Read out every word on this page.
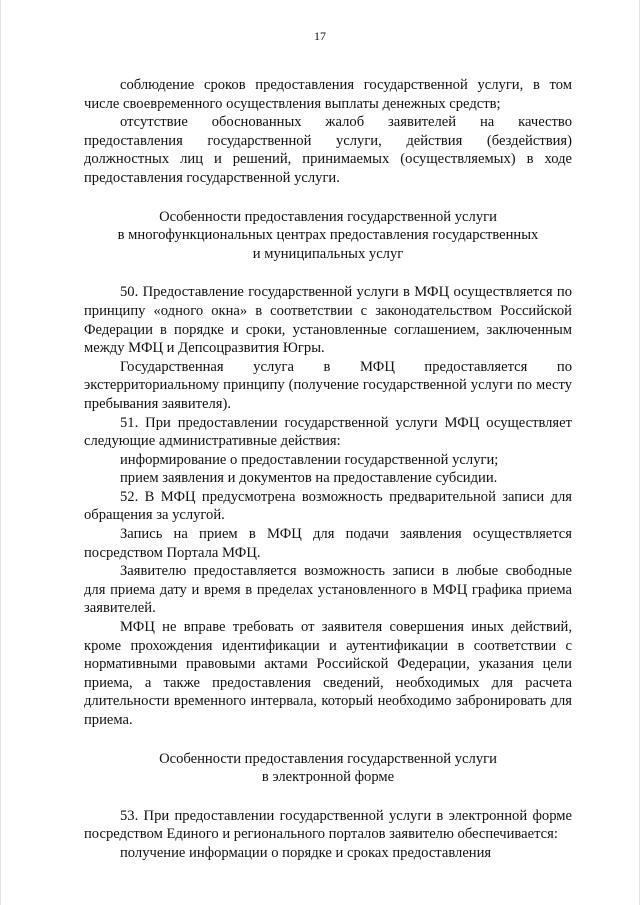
17

соблюдение сроков предоставления государственной услуги, в том числе своевременного осуществления выплаты денежных средств;

отсутствие обоснованных жалоб заявителей на качество предоставления государственной услуги, действия (бездействия) должностных лиц и решений, принимаемых (осуществляемых) в ходе предоставления государственной услуги.

Особенности предоставления государственной услуги
в многофункциональных центрах предоставления государственных
и муниципальных услуг

50. Предоставление государственной услуги в МФЦ осуществляется по принципу «одного окна» в соответствии с законодательством Российской Федерации в порядке и сроки, установленные соглашением, заключенным между МФЦ и Депсоцразвития Югры.

Государственная услуга в МФЦ предоставляется по экстерриториальному принципу (получение государственной услуги по месту пребывания заявителя).

51. При предоставлении государственной услуги МФЦ осуществляет следующие административные действия:

информирование о предоставлении государственной услуги;

прием заявления и документов на предоставление субсидии.

52. В МФЦ предусмотрена возможность предварительной записи для обращения за услугой.

Запись на прием в МФЦ для подачи заявления осуществляется посредством Портала МФЦ.

Заявителю предоставляется возможность записи в любые свободные для приема дату и время в пределах установленного в МФЦ графика приема заявителей.

МФЦ не вправе требовать от заявителя совершения иных действий, кроме прохождения идентификации и аутентификации в соответствии с нормативными правовыми актами Российской Федерации, указания цели приема, а также предоставления сведений, необходимых для расчета длительности временного интервала, который необходимо забронировать для приема.

Особенности предоставления государственной услуги
в электронной форме

53. При предоставлении государственной услуги в электронной форме посредством Единого и регионального порталов заявителю обеспечивается:

получение информации о порядке и сроках предоставления
